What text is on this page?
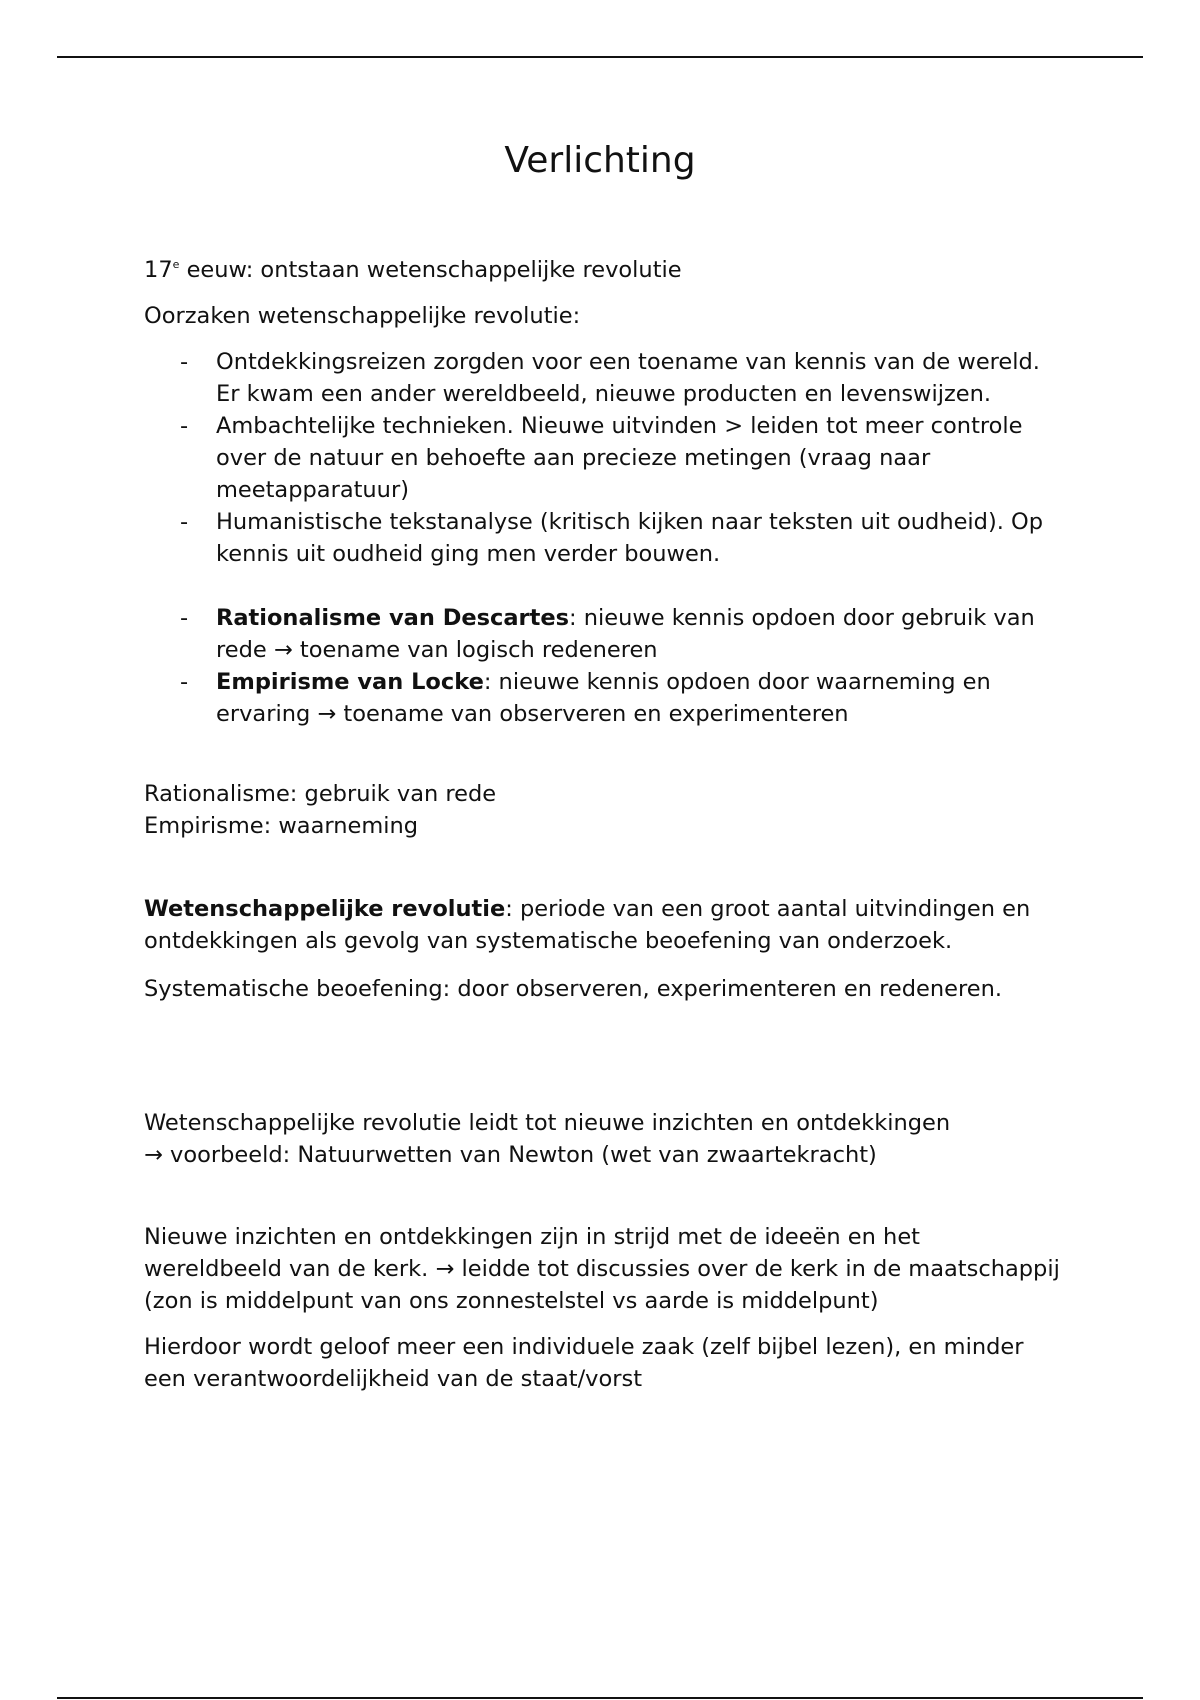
Verlichting

17e eeuw: ontstaan wetenschappelijke revolutie

Oorzaken wetenschappelijke revolutie:

- Ontdekkingsreizen zorgden voor een toename van kennis van de wereld. Er kwam een ander wereldbeeld, nieuwe producten en levenswijzen.
- Ambachtelijke technieken. Nieuwe uitvinden > leiden tot meer controle over de natuur en behoefte aan precieze metingen (vraag naar meetapparatuur)
- Humanistische tekstanalyse (kritisch kijken naar teksten uit oudheid). Op kennis uit oudheid ging men verder bouwen.
- Rationalisme van Descartes: nieuwe kennis opdoen door gebruik van rede → toename van logisch redeneren
- Empirisme van Locke: nieuwe kennis opdoen door waarneming en ervaring → toename van observeren en experimenteren

Rationalisme: gebruik van rede

Empirisme: waarneming

Wetenschappelijke revolutie: periode van een groot aantal uitvindingen en ontdekkingen als gevolg van systematische beoefening van onderzoek.

Systematische beoefening: door observeren, experimenteren en redeneren.

Wetenschappelijke revolutie leidt tot nieuwe inzichten en ontdekkingen
→ voorbeeld: Natuurwetten van Newton (wet van zwaartekracht)

Nieuwe inzichten en ontdekkingen zijn in strijd met de ideeën en het wereldbeeld van de kerk. → leidde tot discussies over de kerk in de maatschappij (zon is middelpunt van ons zonnestelstel vs aarde is middelpunt)

Hierdoor wordt geloof meer een individuele zaak (zelf bijbel lezen), en minder een verantwoordelijkheid van de staat/vorst
